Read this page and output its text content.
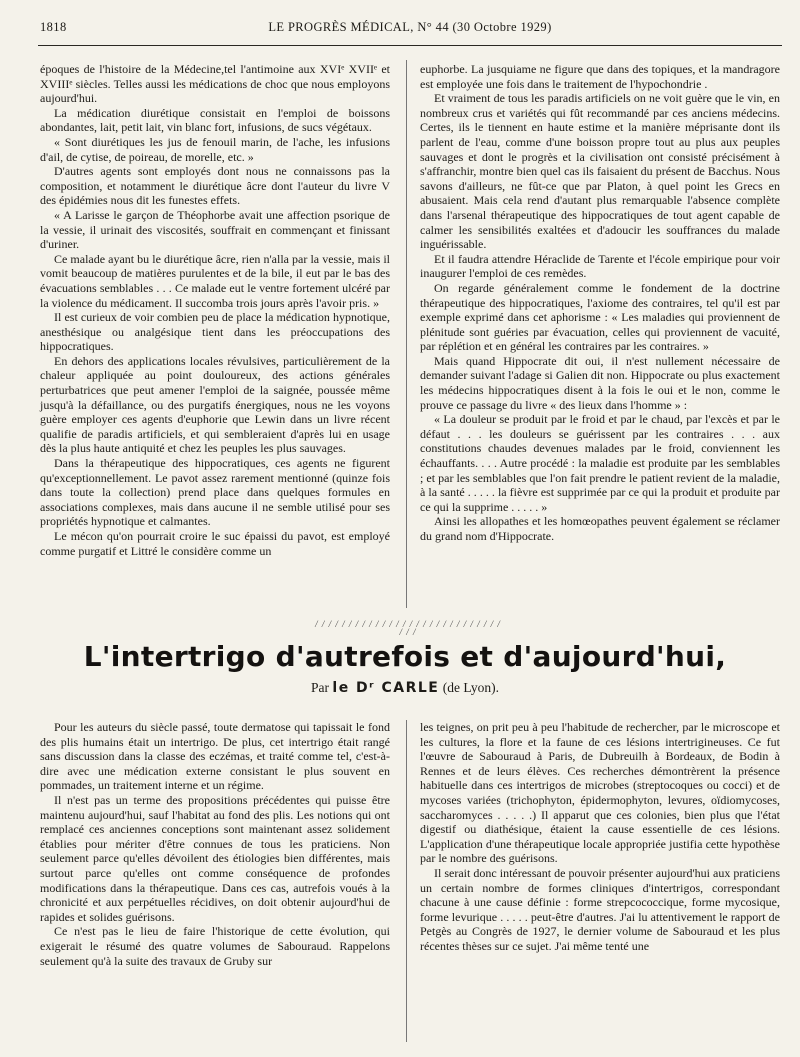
1818	LE PROGRÈS MÉDICAL, N° 44 (30 Octobre 1929)

époques de l'histoire de la Médecine,tel l'antimoine aux XVIᵉ XVIIᵉ et XVIIIᵉ siècles. Telles aussi les médications de choc que nous employons aujourd'hui.

La médication diurétique consistait en l'emploi de boissons abondantes, lait, petit lait, vin blanc fort, infusions, de sucs végétaux.

« Sont diurétiques les jus de fenouil marin, de l'ache, les infusions d'ail, de cytise, de poireau, de morelle, etc. »

D'autres agents sont employés dont nous ne connaissons pas la composition, et notamment le diurétique âcre dont l'auteur du livre V des épidémies nous dit les funestes effets.

« A Larisse le garçon de Théophorbe avait une affection psorique de la vessie, il urinait des viscosités, souffrait en commençant et finissant d'uriner.

Ce malade ayant bu le diurétique âcre, rien n'alla par la vessie, mais il vomit beaucoup de matières purulentes et de la bile, il eut par le bas des évacuations semblables . . . Ce malade eut le ventre fortement ulcéré par la violence du médicament. Il succomba trois jours après l'avoir pris. »

Il est curieux de voir combien peu de place la médication hypnotique, anesthésique ou analgésique tient dans les préoccupations des hippocratiques.

En dehors des applications locales révulsives, particulièrement de la chaleur appliquée au point douloureux, des actions générales perturbatrices que peut amener l'emploi de la saignée, poussée même jusqu'à la défaillance, ou des purgatifs énergiques, nous ne les voyons guère employer ces agents d'euphorie que Lewin dans un livre récent qualifie de paradis artificiels, et qui sembleraient d'après lui en usage dès la plus haute antiquité et chez les peuples les plus sauvages.

Dans la thérapeutique des hippocratiques, ces agents ne figurent qu'exceptionnellement. Le pavot assez rarement mentionné (quinze fois dans toute la collection) prend place dans quelques formules en associations complexes, mais dans aucune il ne semble utilisé pour ses propriétés hypnotique et calmantes.

Le mécon qu'on pourrait croire le suc épaissi du pavot, est employé comme purgatif et Littré le considère comme un

euphorbe. La jusquiame ne figure que dans des topiques, et la mandragore est employée une fois dans le traitement de l'hypochondrie .

Et vraiment de tous les paradis artificiels on ne voit guère que le vin, en nombreux crus et variétés qui fût recommandé par ces anciens médecins. Certes, ils le tiennent en haute estime et la manière méprisante dont ils parlent de l'eau, comme d'une boisson propre tout au plus aux peuples sauvages et dont le progrès et la civilisation ont consisté précisément à s'affranchir, montre bien quel cas ils faisaient du présent de Bacchus. Nous savons d'ailleurs, ne fût-ce que par Platon, à quel point les Grecs en abusaient. Mais cela rend d'autant plus remarquable l'absence complète dans l'arsenal thérapeutique des hippocratiques de tout agent capable de calmer les sensibilités exaltées et d'adoucir les souffrances du malade inguérissable.

Et il faudra attendre Héraclide de Tarente et l'école empirique pour voir inaugurer l'emploi de ces remèdes.

On regarde généralement comme le fondement de la doctrine thérapeutique des hippocratiques, l'axiome des contraires, tel qu'il est par exemple exprimé dans cet aphorisme : « Les maladies qui proviennent de plénitude sont guéries par évacuation, celles qui proviennent de vacuité, par réplétion et en général les contraires par les contraires. »

Mais quand Hippocrate dit oui, il n'est nullement nécessaire de demander suivant l'adage si Galien dit non. Hippocrate ou plus exactement les médecins hippocratiques disent à la fois le oui et le non, comme le prouve ce passage du livre « des lieux dans l'homme » :

« La douleur se produit par le froid et par le chaud, par l'excès et par le défaut . . . les douleurs se guérissent par les contraires . . . aux constitutions chaudes devenues malades par le froid, conviennent les échauffants. . . . Autre procédé : la maladie est produite par les semblables ; et par les semblables que l'on fait prendre le patient revient de la maladie, à la santé . . . . . la fièvre est supprimée par ce qui la produit et produite par ce qui la supprime . . . . . »

Ainsi les allopathes et les homœopathes peuvent également se réclamer du grand nom d'Hippocrate.

/ / / / / / / / / / / / / / / / / / / / / / / / / / / / / / /
L'intertrigo d'autrefois et d'aujourd'hui,
Par le Dʳ CARLE (de Lyon).

Pour les auteurs du siècle passé, toute dermatose qui tapissait le fond des plis humains était un intertrigo. De plus, cet intertrigo était rangé sans discussion dans la classe des eczémas, et traité comme tel, c'est-à-dire avec une médication externe consistant le plus souvent en pommades, un traitement interne et un régime.

Il n'est pas un terme des propositions précédentes qui puisse être maintenu aujourd'hui, sauf l'habitat au fond des plis. Les notions qui ont remplacé ces anciennes conceptions sont maintenant assez solidement établies pour mériter d'être connues de tous les praticiens. Non seulement parce qu'elles dévoilent des étiologies bien différentes, mais surtout parce qu'elles ont comme conséquence de profondes modifications dans la thérapeutique. Dans ces cas, autrefois voués à la chronicité et aux perpétuelles récidives, on doit obtenir aujourd'hui de rapides et solides guérisons.

Ce n'est pas le lieu de faire l'historique de cette évolution, qui exigerait le résumé des quatre volumes de Sabouraud. Rappelons seulement qu'à la suite des travaux de Gruby sur

les teignes, on prit peu à peu l'habitude de rechercher, par le microscope et les cultures, la flore et la faune de ces lésions intertrigineuses. Ce fut l'œuvre de Sabouraud à Paris, de Dubreuilh à Bordeaux, de Bodin à Rennes et de leurs élèves. Ces recherches démontrèrent la présence habituelle dans ces intertrigos de microbes (streptocoques ou cocci) et de mycoses variées (trichophyton, épidermophyton, levures, oïdiomycoses, saccharomyces . . . . .) Il apparut que ces colonies, bien plus que l'état digestif ou diathésique, étaient la cause essentielle de ces lésions. L'application d'une thérapeutique locale appropriée justifia cette hypothèse par le nombre des guérisons.

Il serait donc intéressant de pouvoir présenter aujourd'hui aux praticiens un certain nombre de formes cliniques d'intertrigos, correspondant chacune à une cause définie : forme strepcococcique, forme mycosique, forme levurique . . . . . peut-être d'autres. J'ai lu attentivement le rapport de Petgès au Congrès de 1927, le dernier volume de Sabouraud et les plus récentes thèses sur ce sujet. J'ai même tenté une
